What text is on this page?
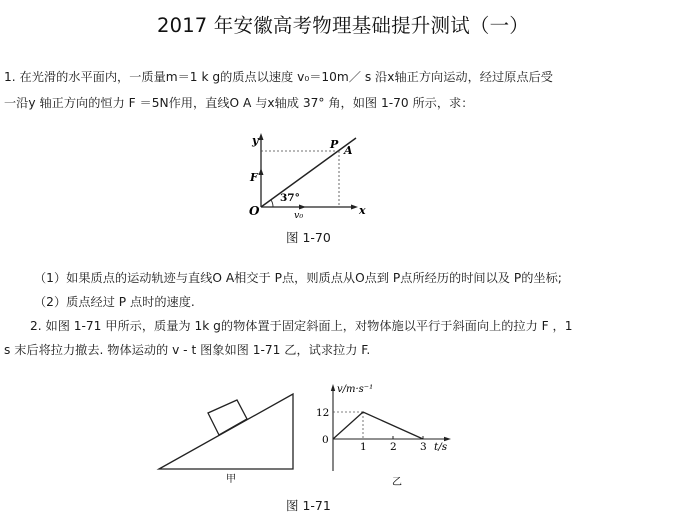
2017 年安徽高考物理基础提升测试（一）
1. 在光滑的水平面内，一质量m＝1 k g的质点以速度 v₀＝10m／ s 沿x轴正方向运动，经过原点后受
一沿y 轴正方向的恒力 F ＝5N作用，直线O A 与x轴成 37° 角，如图 1-70 所示，求：
y
F
O
37°
v₀	x
P A
图 1-70
（1）如果质点的运动轨迹与直线O A相交于 P点，则质点从O点到 P点所经历的时间以及 P的坐标;
（2）质点经过 P 点时的速度.
2. 如图 1-71 甲所示，质量为 1k g的物体置于固定斜面上，对物体施以平行于斜面向上的拉力 F ，1
s 末后将拉力撤去. 物体运动的 v - t 图象如图 1-71 乙，试求拉力 F.
甲
v/m·s⁻¹
12
0
1 2 3 t/s
乙
图 1-71
